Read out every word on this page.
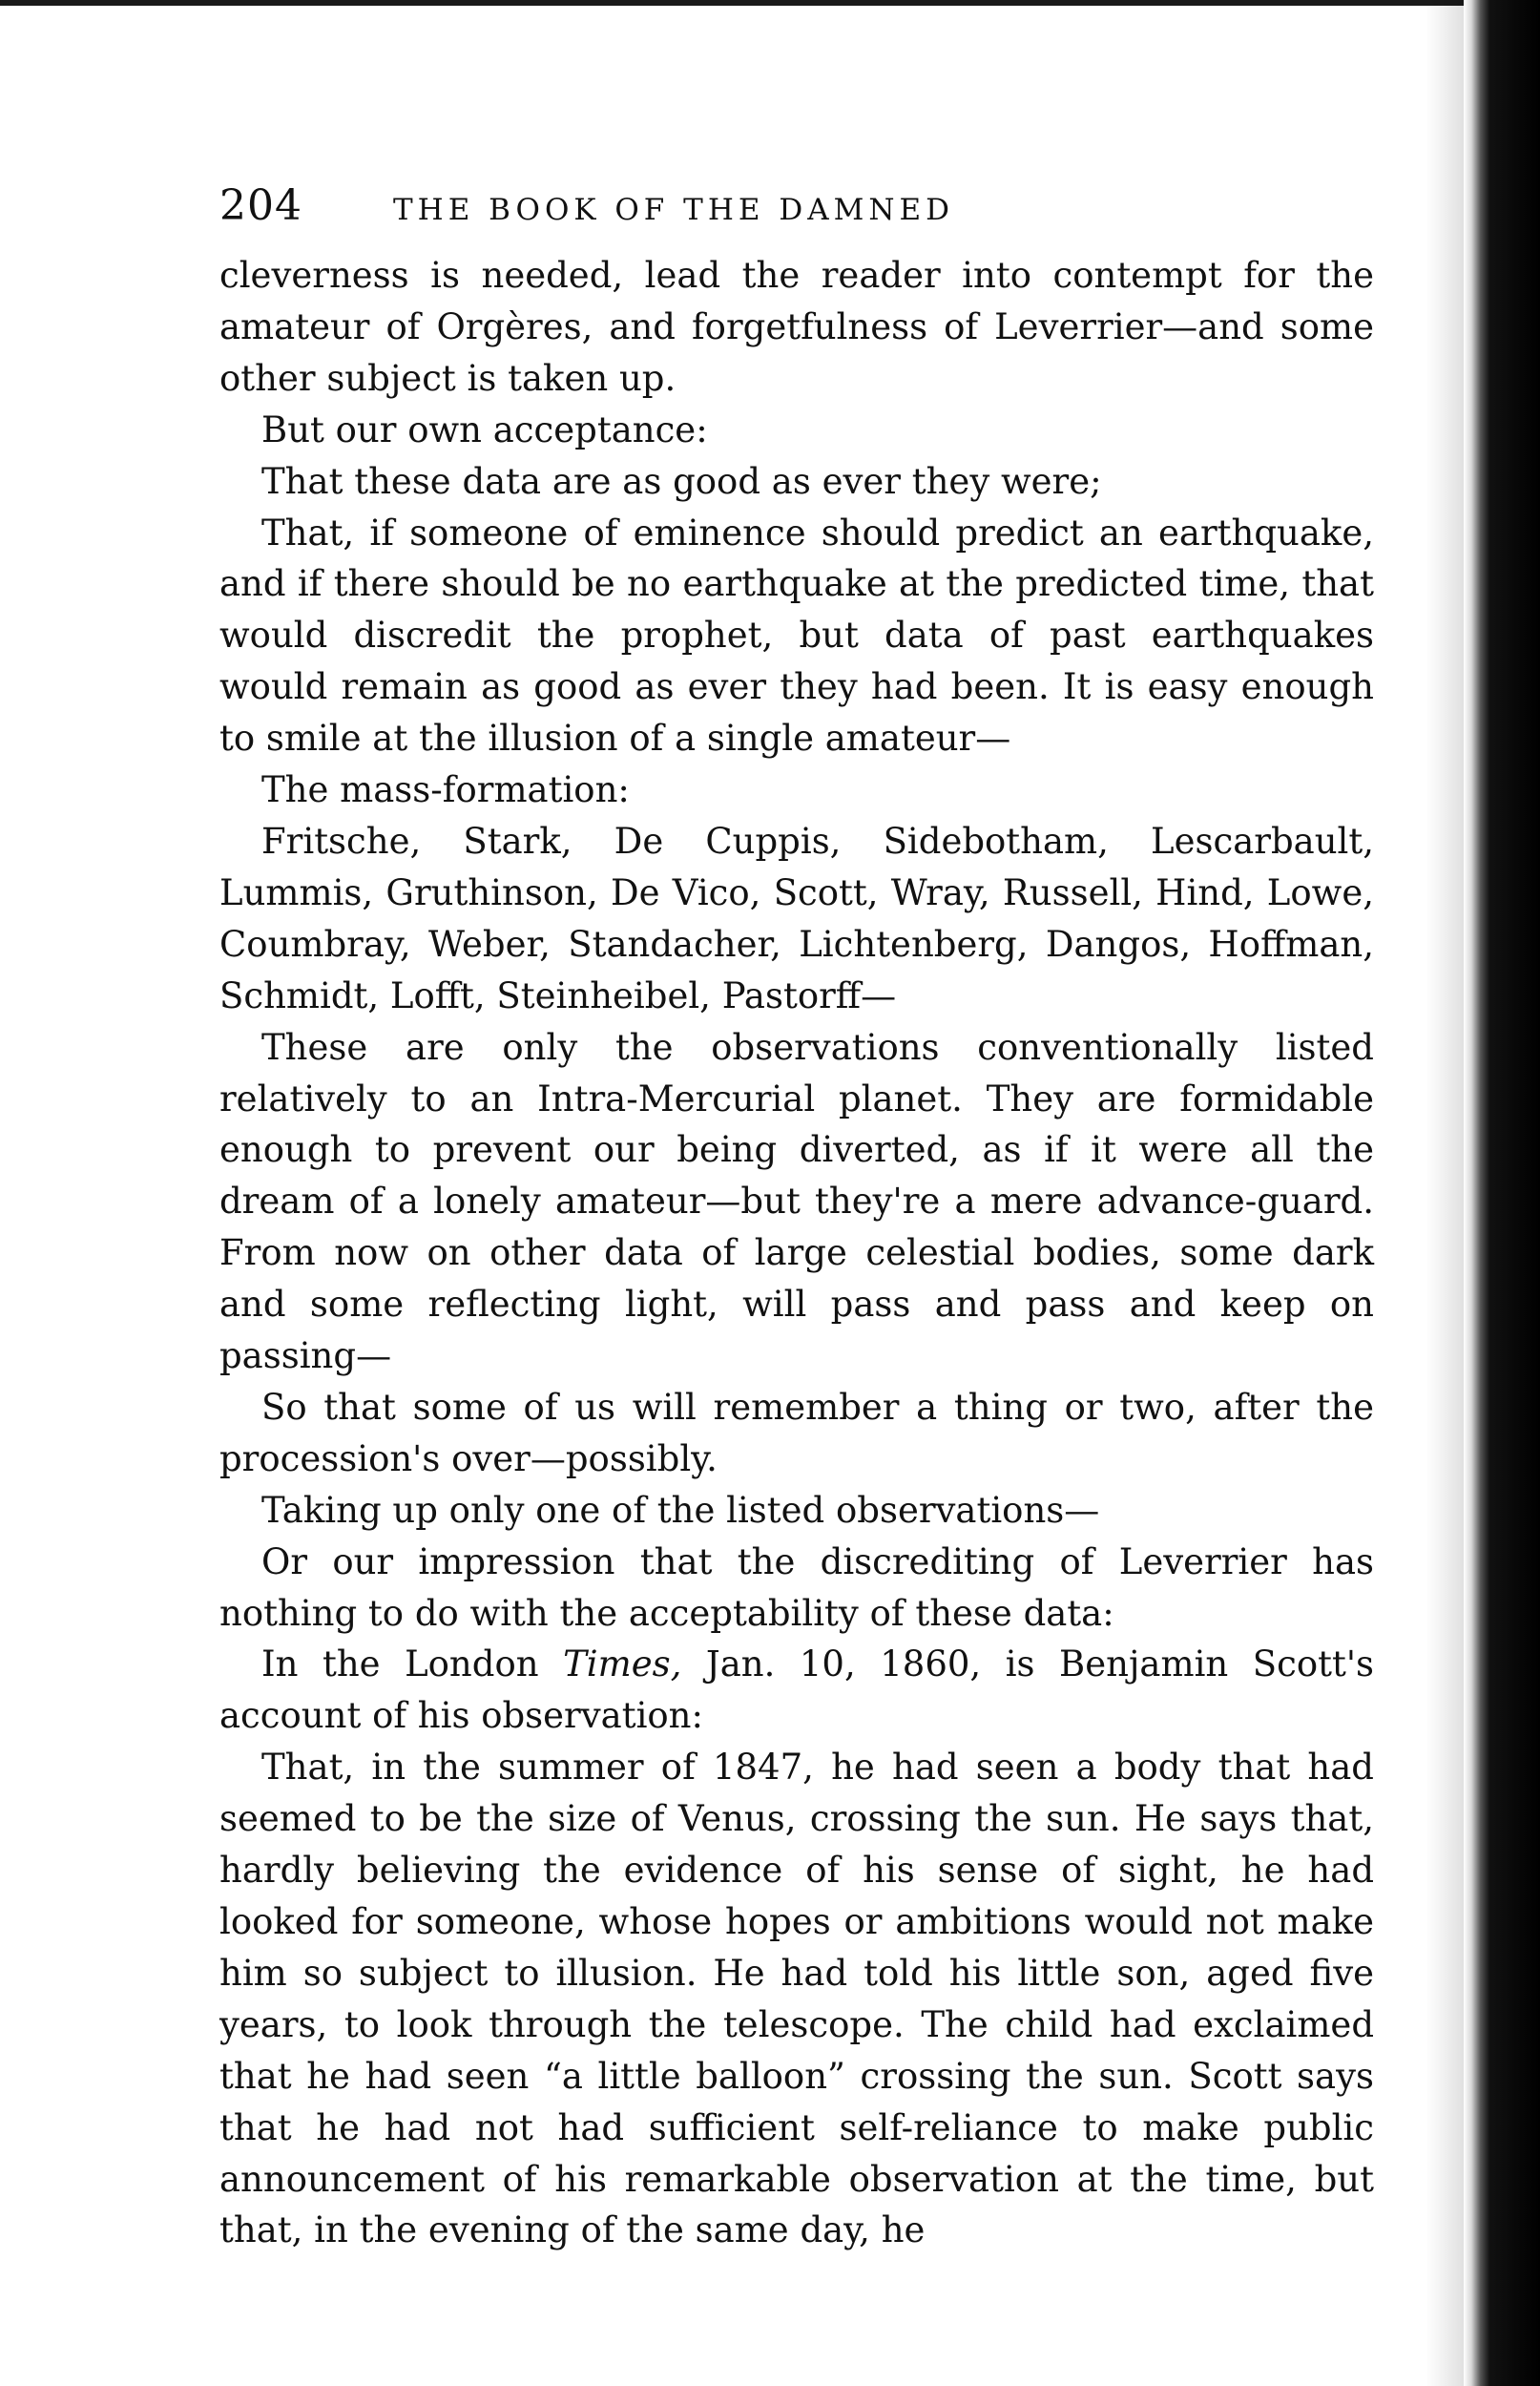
204	THE BOOK OF THE DAMNED

cleverness is needed, lead the reader into contempt for the amateur of Orgères, and forgetfulness of Leverrier—and some other subject is taken up.

But our own acceptance:

That these data are as good as ever they were;

That, if someone of eminence should predict an earthquake, and if there should be no earthquake at the predicted time, that would discredit the prophet, but data of past earthquakes would remain as good as ever they had been. It is easy enough to smile at the illusion of a single amateur—

The mass-formation:

Fritsche, Stark, De Cuppis, Sidebotham, Lescarbault, Lummis, Gruthinson, De Vico, Scott, Wray, Russell, Hind, Lowe, Coumbray, Weber, Standacher, Lichtenberg, Dangos, Hoffman, Schmidt, Lofft, Steinheibel, Pastorff—

These are only the observations conventionally listed relatively to an Intra-Mercurial planet. They are formidable enough to prevent our being diverted, as if it were all the dream of a lonely amateur—but they're a mere advance-guard. From now on other data of large celestial bodies, some dark and some reflecting light, will pass and pass and keep on passing—

So that some of us will remember a thing or two, after the procession's over—possibly.

Taking up only one of the listed observations—

Or our impression that the discrediting of Leverrier has nothing to do with the acceptability of these data:

In the London Times, Jan. 10, 1860, is Benjamin Scott's account of his observation:

That, in the summer of 1847, he had seen a body that had seemed to be the size of Venus, crossing the sun. He says that, hardly believing the evidence of his sense of sight, he had looked for someone, whose hopes or ambitions would not make him so subject to illusion. He had told his little son, aged five years, to look through the telescope. The child had exclaimed that he had seen “a little balloon” crossing the sun. Scott says that he had not had sufficient self-reliance to make public announcement of his remarkable observation at the time, but that, in the evening of the same day, he
